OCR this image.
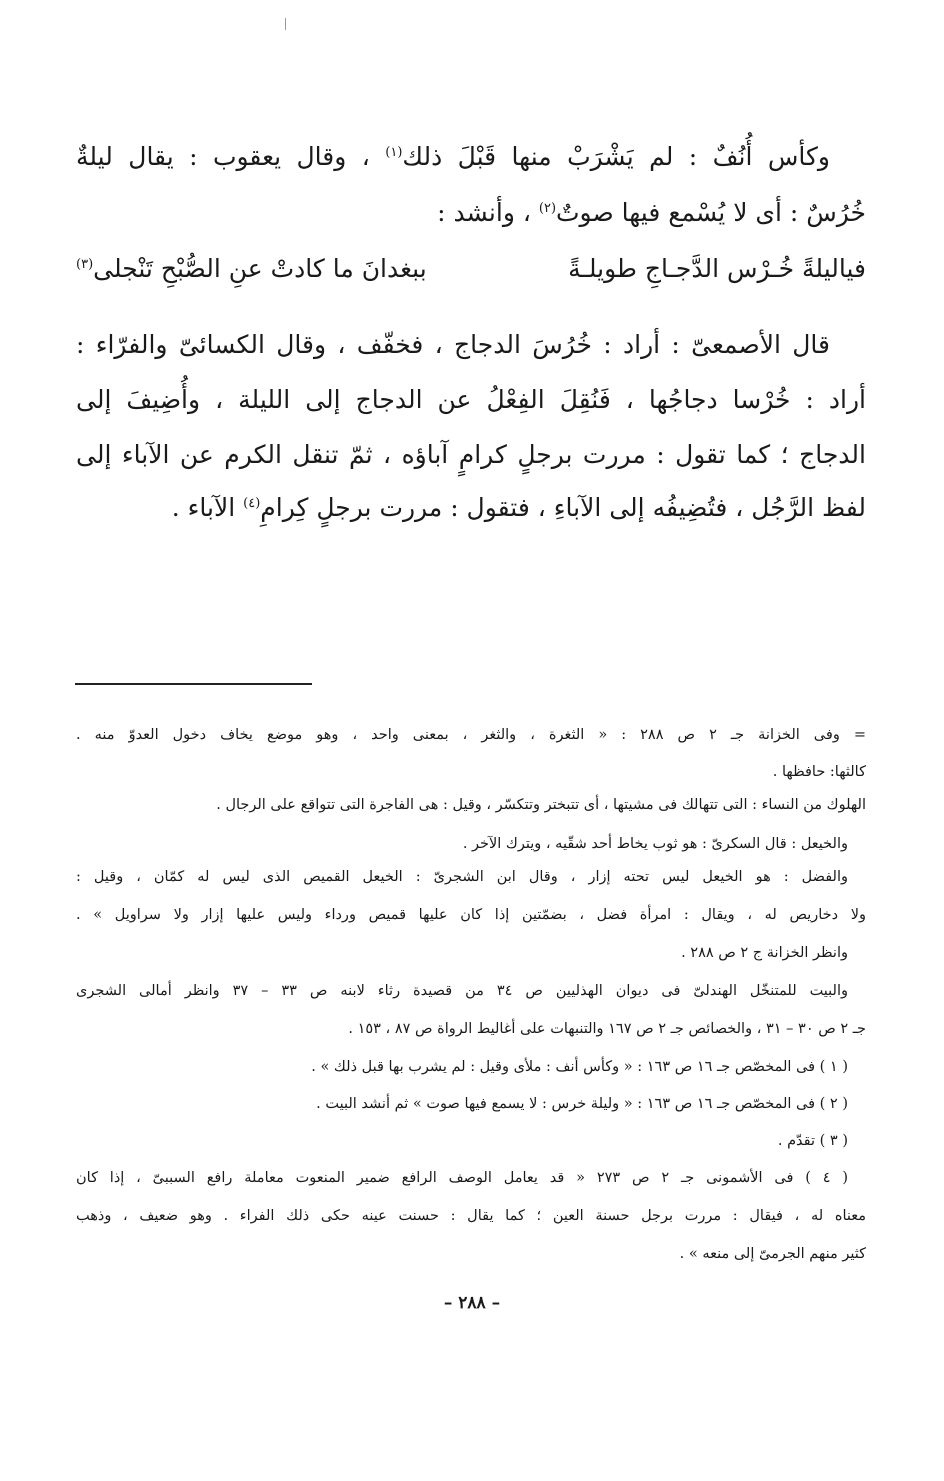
وكأس أُنُفٌ : لم يَشْرَبْ منها قَبْلَ ذلك$^{(١)}$ ، وقال يعقوب : يقال ليلةٌ
خُرُسٌ : أى لا يُسْمع فيها صوتٌ$^{(٢)}$ ، وأنشد :
فياليلةً خُـرْس الدَّجـاجِ طويلـةً
ببغدانَ ما كادتْ عنِ الصُّبْحِ تَنْجلى$^{(٣)}$
قال الأصمعىّ : أراد : خُرُسَ الدجاج ، فخفّف ، وقال الكسائىّ والفرّاء :
أراد : خُرْسا دجاجُها ، فَنُقِلَ الفِعْلُ عن الدجاج إلى الليلة ، وأُضِيفَ إلى
الدجاج ؛ كما تقول : مررت برجلٍ كرامٍ آباؤه ، ثمّ تنقل الكرم عن الآباء إلى
لفظ الرَّجُل ، فتُضِيفُه إلى الآباءِ ، فتقول : مررت برجلٍ كِرامِ$^{(٤)}$ الآباء .
= وفى الخزانة جـ ٢ ص ٢٨٨ : « الثغرة ، والثغر ، بمعنى واحد ، وهو موضع يخاف دخول العدوّ منه .
كالثها: حافظها .
الهلوك من النساء : التى تتهالك فى مشيتها ، أى تتبختر وتتكسّر ، وقيل : هى الفاجرة التى تتواقع على الرجال .
والخيعل : قال السكرىّ : هو ثوب يخاط أحد شقّيه ، ويترك الآخر .
والفضل : هو الخيعل ليس تحته إزار ، وقال ابن الشجرىّ : الخيعل القميص الذى ليس له كمّان ، وقيل :
ولا دخاريص له ، ويقال : امرأة فضل ، بضمّتين إذا كان عليها قميص ورداء وليس عليها إزار ولا سراويل » .
وانظر الخزانة ج ٢ ص ٢٨٨ .
والبيت للمتنخّل الهندلىّ فى ديوان الهذليين ص ٣٤ من قصيدة رثاء لابنه ص ٣٣ – ٣٧ وانظر أمالى الشجرى
جـ ٢ ص ٣٠ – ٣١ ، والخصائص جـ ٢ ص ١٦٧ والتنبهات على أغاليط الرواة ص ٨٧ ، ١٥٣ .
( ١ ) فى المخصّص جـ ١٦ ص ١٦٣ : « وكأس أنف : ملأى وقيل : لم يشرب بها قبل ذلك » .
( ٢ ) فى المخصّص جـ ١٦ ص ١٦٣ : « وليلة خرس : لا يسمع فيها صوت » ثم أنشد البيت .
( ٣ ) تقدّم .
( ٤ ) فى الأشمونى جـ ٢ ص ٢٧٣ « قد يعامل الوصف الرافع ضمير المنعوت معاملة رافع السببىّ ، إذا كان
معناه له ، فيقال : مررت برجل حسنة العين ؛ كما يقال : حسنت عينه حكى ذلك الفراء . وهو ضعيف ، وذهب
كثير منهم الجرمىّ إلى منعه » .
– ٢٨٨ –
